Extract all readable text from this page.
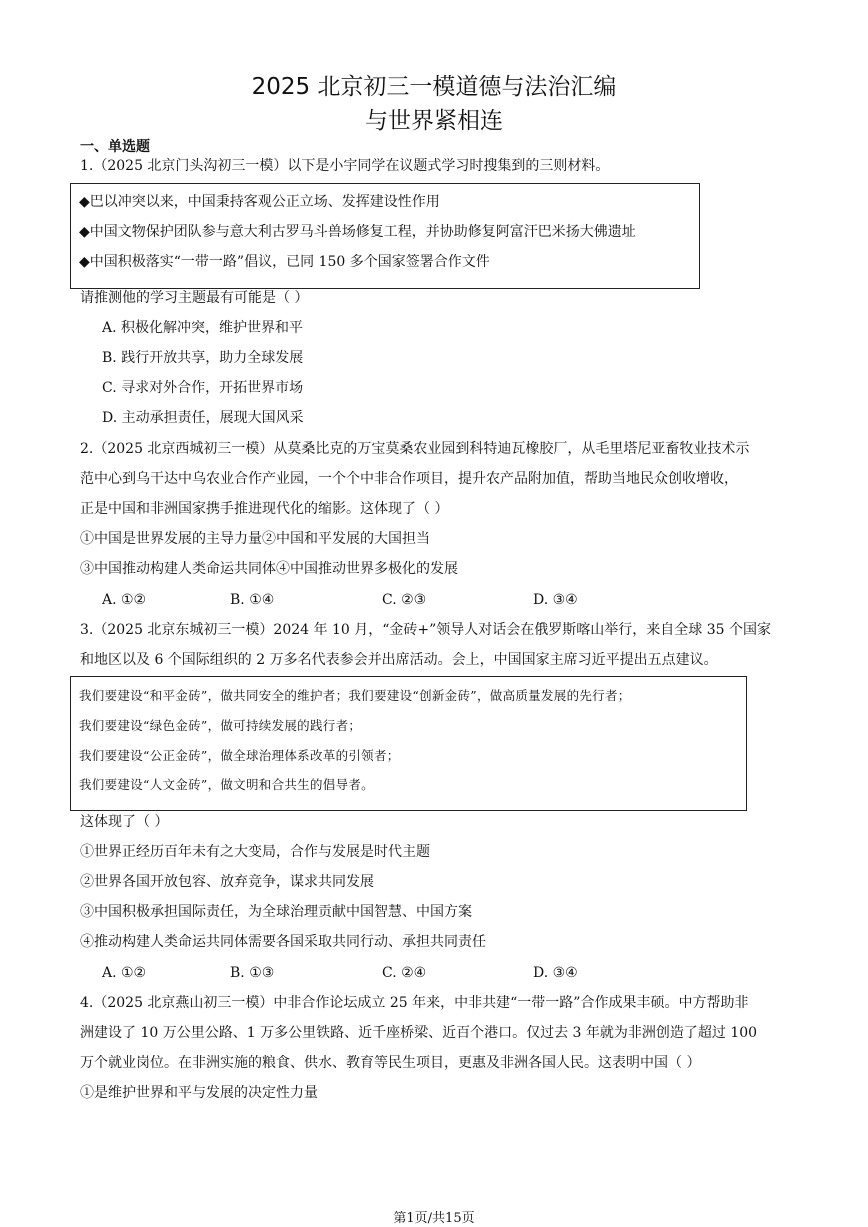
2025 北京初三一模道德与法治汇编
与世界紧相连
一、单选题
1.（2025 北京门头沟初三一模）以下是小宇同学在议题式学习时搜集到的三则材料。
◆巴以冲突以来，中国秉持客观公正立场、发挥建设性作用
◆中国文物保护团队参与意大利古罗马斗兽场修复工程，并协助修复阿富汗巴米扬大佛遗址
◆中国积极落实“一带一路”倡议，已同 150 多个国家签署合作文件
请推测他的学习主题最有可能是（ ）
A. 积极化解冲突，维护世界和平
B. 践行开放共享，助力全球发展
C. 寻求对外合作，开拓世界市场
D. 主动承担责任，展现大国风采
2.（2025 北京西城初三一模）从莫桑比克的万宝莫桑农业园到科特迪瓦橡胶厂，从毛里塔尼亚畜牧业技术示
范中心到乌干达中乌农业合作产业园，一个个中非合作项目，提升农产品附加值，帮助当地民众创收增收，
正是中国和非洲国家携手推进现代化的缩影。这体现了（ ）
①中国是世界发展的主导力量②中国和平发展的大国担当
③中国推动构建人类命运共同体④中国推动世界多极化的发展
A. ①②	B. ①④	C. ②③	D. ③④
3.（2025 北京东城初三一模）2024 年 10 月，“金砖+”领导人对话会在俄罗斯喀山举行，来自全球 35 个国家
和地区以及 6 个国际组织的 2 万多名代表参会并出席活动。会上，中国国家主席习近平提出五点建议。
我们要建设“和平金砖”，做共同安全的维护者；我们要建设“创新金砖”，做高质量发展的先行者；
我们要建设“绿色金砖”，做可持续发展的践行者；
我们要建设“公正金砖”，做全球治理体系改革的引领者；
我们要建设“人文金砖”，做文明和合共生的倡导者。
这体现了（ ）
①世界正经历百年未有之大变局，合作与发展是时代主题
②世界各国开放包容、放弃竞争，谋求共同发展
③中国积极承担国际责任，为全球治理贡献中国智慧、中国方案
④推动构建人类命运共同体需要各国采取共同行动、承担共同责任
A. ①②	B. ①③	C. ②④	D. ③④
4.（2025 北京燕山初三一模）中非合作论坛成立 25 年来，中非共建“一带一路”合作成果丰硕。中方帮助非
洲建设了 10 万公里公路、1 万多公里铁路、近千座桥梁、近百个港口。仅过去 3 年就为非洲创造了超过 100
万个就业岗位。在非洲实施的粮食、供水、教育等民生项目，更惠及非洲各国人民。这表明中国（ ）
①是维护世界和平与发展的决定性力量
第1页/共15页
